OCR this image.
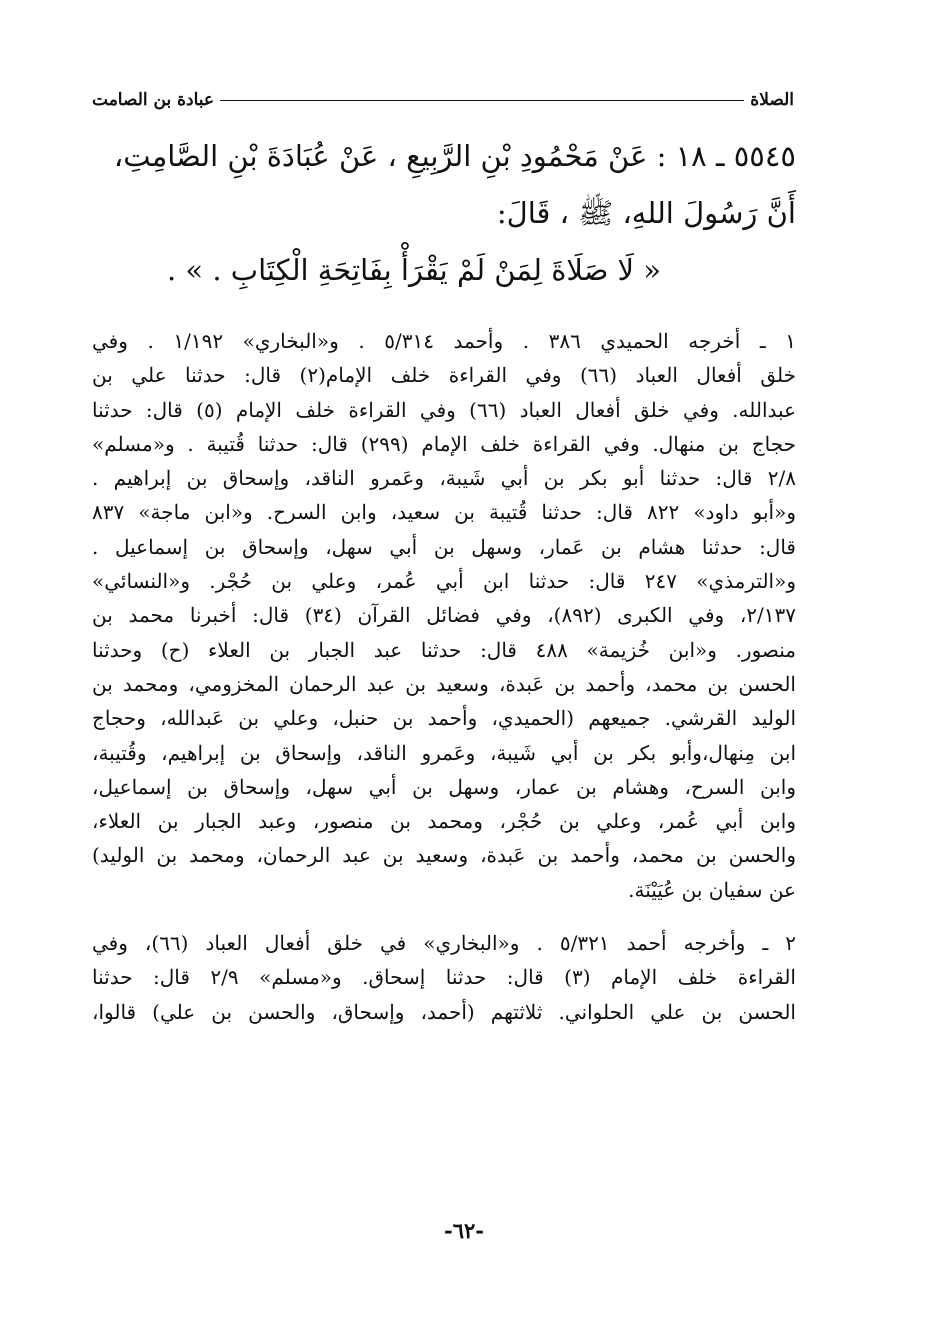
الصلاة
عبادة بن الصامت
٥٥٤٥ ـ ١٨ : عَنْ مَحْمُودِ بْنِ الرَّبِيعِ ، عَنْ عُبَادَةَ بْنِ الصَّامِتِ،
أَنَّ رَسُولَ اللهِ، ﷺ ، قَالَ:
« لَا صَلَاةَ لِمَنْ لَمْ يَقْرَأْ بِفَاتِحَةِ الْكِتَابِ . » .
١ ـ أخرجه الحميدي ٣٨٦ . وأحمد ٥/٣١٤ . و«البخاري» ١/١٩٢ . وفي
خلق أفعال العباد (٦٦) وفي القراءة خلف الإمام(٢) قال: حدثنا علي بن
عبدالله. وفي خلق أفعال العباد (٦٦) وفي القراءة خلف الإمام (٥) قال: حدثنا
حجاج بن منهال. وفي القراءة خلف الإمام (٢٩٩) قال: حدثنا قُتيبة . و«مسلم»
٢/٨ قال: حدثنا أبو بكر بن أبي شَيبة، وعَمرو الناقد، وإسحاق بن إبراهيم .
و«أبو داود» ٨٢٢ قال: حدثنا قُتيبة بن سعيد، وابن السرح. و«ابن ماجة» ٨٣٧
قال: حدثنا هشام بن عَمار، وسهل بن أبي سهل، وإسحاق بن إسماعيل .
و«الترمذي» ٢٤٧ قال: حدثنا ابن أبي عُمر، وعلي بن حُجْر. و«النسائي»
٢/١٣٧، وفي الكبرى (٨٩٢)، وفي فضائل القرآن (٣٤) قال: أخبرنا محمد بن
منصور. و«ابن خُزيمة» ٤٨٨ قال: حدثنا عبد الجبار بن العلاء (ح) وحدثنا
الحسن بن محمد، وأحمد بن عَبدة، وسعيد بن عبد الرحمان المخزومي، ومحمد بن
الوليد القرشي. جميعهم (الحميدي، وأحمد بن حنبل، وعلي بن عَبدالله، وحجاج
ابن مِنهال،وأبو بكر بن أبي شَيبة، وعَمرو الناقد، وإسحاق بن إبراهيم، وقُتيبة،
وابن السرح، وهشام بن عمار، وسهل بن أبي سهل، وإسحاق بن إسماعيل،
وابن أبي عُمر، وعلي بن حُجْر، ومحمد بن منصور، وعبد الجبار بن العلاء،
والحسن بن محمد، وأحمد بن عَبدة، وسعيد بن عبد الرحمان، ومحمد بن الوليد)
عن سفيان بن عُيَيْنَة.
٢ ـ وأخرجه أحمد ٥/٣٢١ . و«البخاري» في خلق أفعال العباد (٦٦)، وفي
القراءة خلف الإمام (٣) قال: حدثنا إسحاق. و«مسلم» ٢/٩ قال: حدثنا
الحسن بن علي الحلواني. ثلاثتهم (أحمد، وإسحاق، والحسن بن علي) قالوا،
-٦٢-
